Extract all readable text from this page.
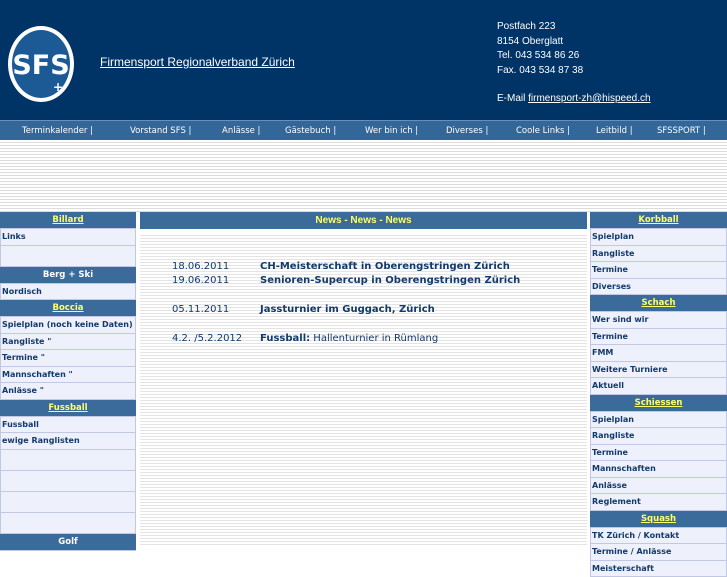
SFS
+
Firmensport Regionalverband Zürich
Postfach 223
8154 Oberglatt
Tel. 043 534 86 26
Fax. 043 534 87 38
E-Mail firmensport-zh@hispeed.ch
Terminkalender |	Vorstand SFS |	Anlässe |	Gästebuch |	Wer bin ich |	Diverses |	Coole Links |	Leitbild |	SFSSPORT |
Billard
Links
Berg + Ski
Nordisch
Boccia
Spielplan (noch keine Daten)
Rangliste "
Termine "
Mannschaften "
Anlässe "
Fussball
Fussball
ewige Ranglisten
Golf
News - News - News
18.06.2011	CH-Meisterschaft in Oberengstringen Zürich
19.06.2011	Senioren-Supercup in Oberengstringen Zürich
05.11.2011	Jassturnier im Guggach, Zürich
4.2. /5.2.2012 Fussball: Hallenturnier in Rümlang
Korbball
Spielplan
Rangliste
Termine
Diverses
Schach
Wer sind wir
Termine
FMM
Weitere Turniere
Aktuell
Schiessen
Spielplan
Rangliste
Termine
Mannschaften
Anlässe
Reglement
Squash
TK Zürich / Kontakt
Termine / Anlässe
Meisterschaft
